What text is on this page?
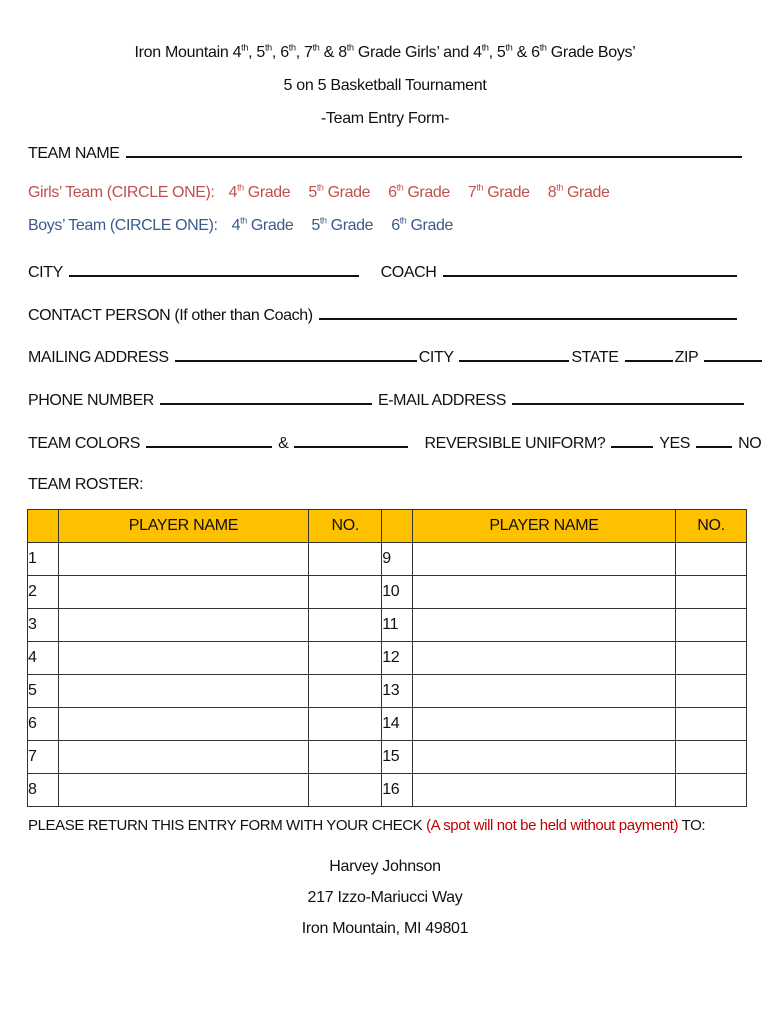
Iron Mountain 4th, 5th, 6th, 7th & 8th Grade Girls’ and 4th, 5th & 6th Grade Boys’
5 on 5 Basketball Tournament
-Team Entry Form-
TEAM NAME
Girls’ Team (CIRCLE ONE): 4th Grade 5th Grade 6th Grade 7th Grade 8th Grade
Boys’ Team (CIRCLE ONE): 4th Grade 5th Grade 6th Grade
CITY	COACH
CONTACT PERSON (If other than Coach)
MAILING ADDRESS	CITY	STATE	ZIP
PHONE NUMBER	E-MAIL ADDRESS
TEAM COLORS	&	REVERSIBLE UNIFORM?	YES	NO
TEAM ROSTER:
	PLAYER NAME	NO.		PLAYER NAME	NO.
1			9		
2			10		
3			11		
4			12		
5			13		
6			14		
7			15		
8			16		
PLEASE RETURN THIS ENTRY FORM WITH YOUR CHECK (A spot will not be held without payment) TO:
Harvey Johnson
217 Izzo-Mariucci Way
Iron Mountain, MI 49801
